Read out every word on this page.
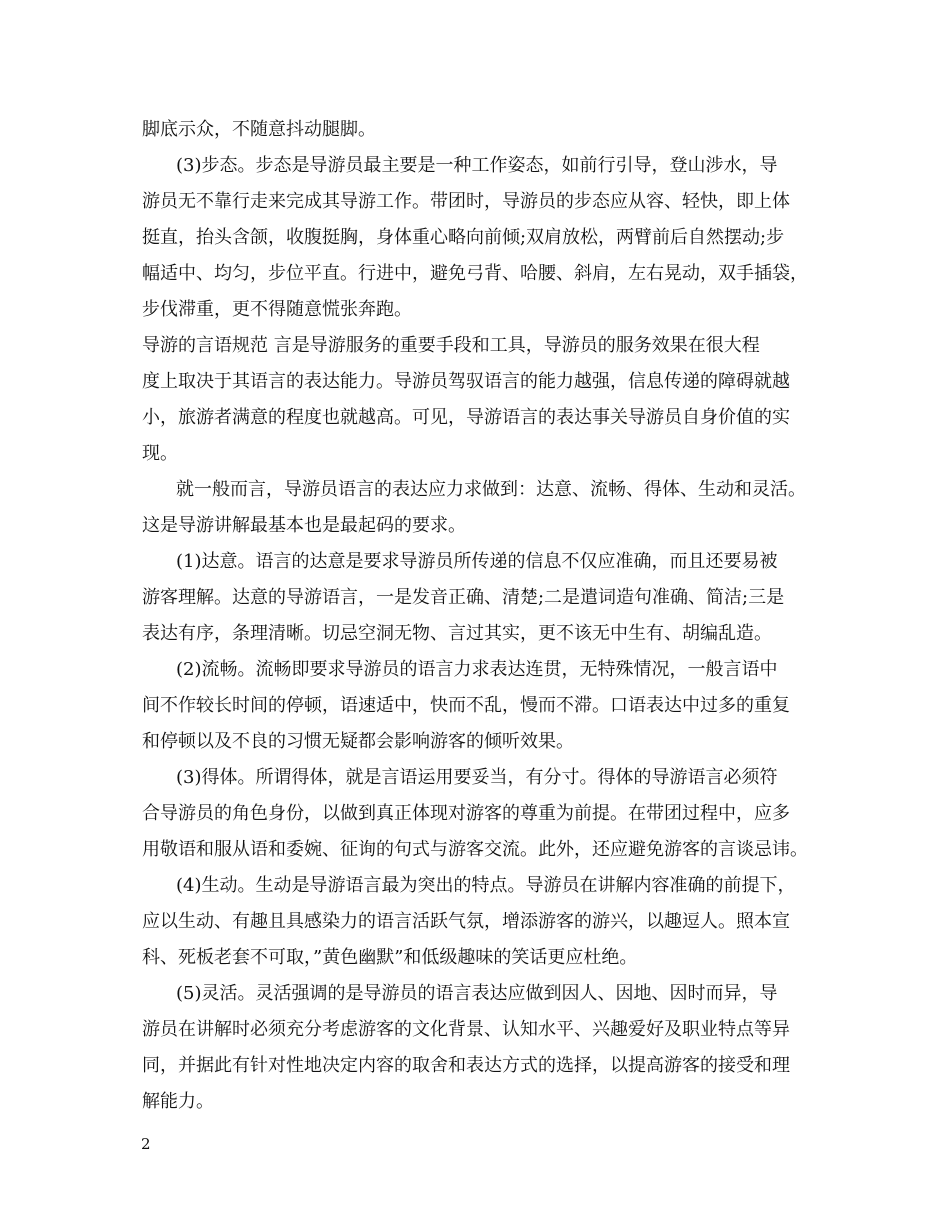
脚底示众，不随意抖动腿脚。
(3)步态。步态是导游员最主要是一种工作姿态，如前行引导，登山涉水，导
游员无不靠行走来完成其导游工作。带团时，导游员的步态应从容、轻快，即上体
挺直，抬头含颌，收腹挺胸，身体重心略向前倾;双肩放松，两臂前后自然摆动;步
幅适中、均匀，步位平直。行进中，避免弓背、哈腰、斜肩，左右晃动，双手插袋，
步伐滞重，更不得随意慌张奔跑。
导游的言语规范 言是导游服务的重要手段和工具，导游员的服务效果在很大程
度上取决于其语言的表达能力。导游员驾驭语言的能力越强，信息传递的障碍就越
小，旅游者满意的程度也就越高。可见，导游语言的表达事关导游员自身价值的实
现。
就一般而言，导游员语言的表达应力求做到：达意、流畅、得体、生动和灵活。
这是导游讲解最基本也是最起码的要求。
(1)达意。语言的达意是要求导游员所传递的信息不仅应准确，而且还要易被
游客理解。达意的导游语言，一是发音正确、清楚;二是遣词造句准确、简洁;三是
表达有序，条理清晰。切忌空洞无物、言过其实，更不该无中生有、胡编乱造。
(2)流畅。流畅即要求导游员的语言力求表达连贯，无特殊情况，一般言语中
间不作较长时间的停顿，语速适中，快而不乱，慢而不滞。口语表达中过多的重复
和停顿以及不良的习惯无疑都会影响游客的倾听效果。
(3)得体。所谓得体，就是言语运用要妥当，有分寸。得体的导游语言必须符
合导游员的角色身份，以做到真正体现对游客的尊重为前提。在带团过程中，应多
用敬语和服从语和委婉、征询的句式与游客交流。此外，还应避免游客的言谈忌讳。
(4)生动。生动是导游语言最为突出的特点。导游员在讲解内容准确的前提下，
应以生动、有趣且具感染力的语言活跃气氛，增添游客的游兴，以趣逗人。照本宣
科、死板老套不可取，”黄色幽默”和低级趣味的笑话更应杜绝。
(5)灵活。灵活强调的是导游员的语言表达应做到因人、因地、因时而异，导
游员在讲解时必须充分考虑游客的文化背景、认知水平、兴趣爱好及职业特点等异
同，并据此有针对性地决定内容的取舍和表达方式的选择，以提高游客的接受和理
解能力。
2
